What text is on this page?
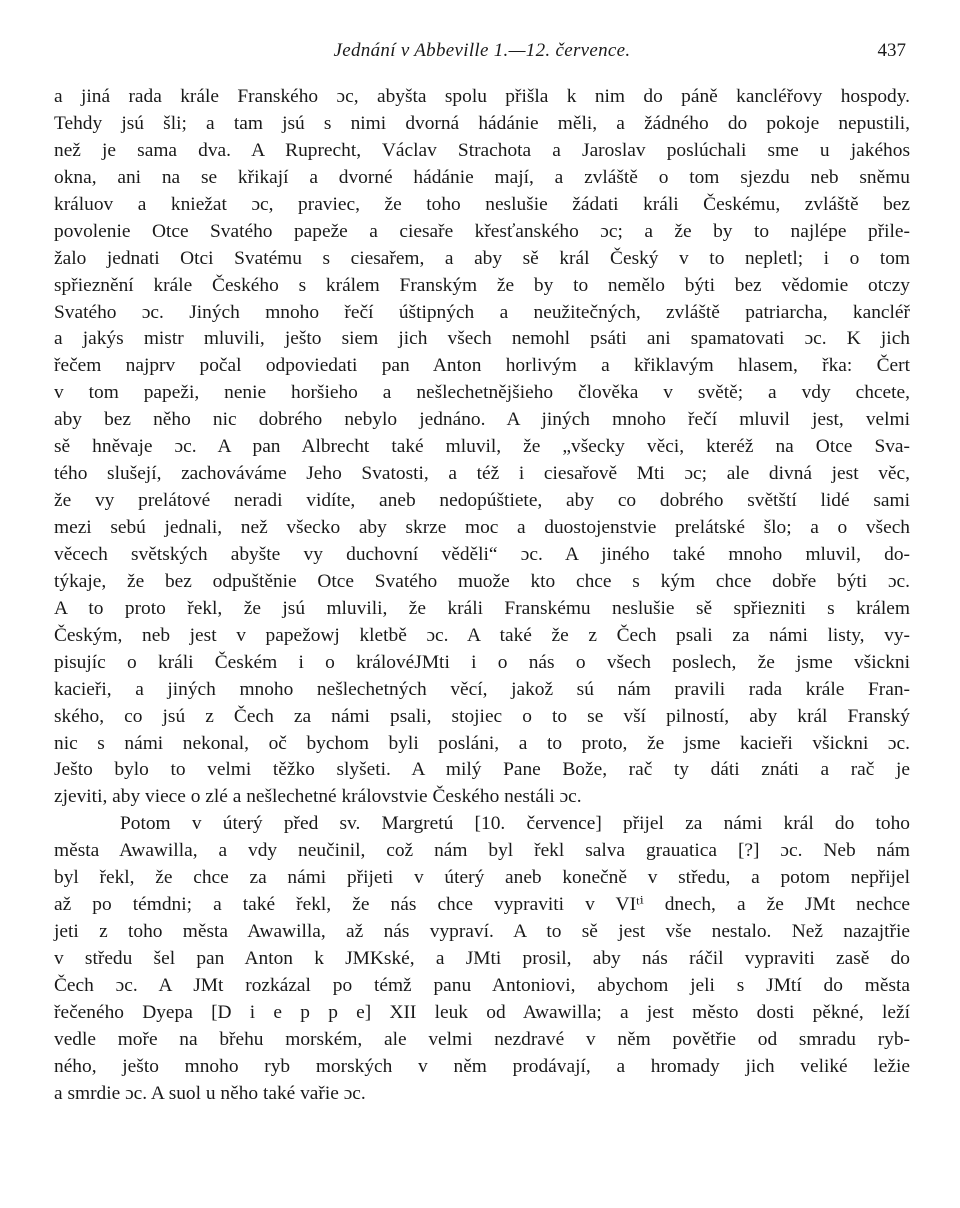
Jednání v Abbeville 1.—12. července.	437
a jiná rada krále Franského ɔc, abyšta spolu přišla k nim do páně kancléřovy hospody.
Tehdy jsú šli; a tam jsú s nimi dvorná hádánie měli, a žádného do pokoje nepustili,
než je sama dva. A Ruprecht, Václav Strachota a Jaroslav poslúchali sme u jakéhos
okna, ani na se křikají a dvorné hádánie mají, a zvláště o tom sjezdu neb sněmu
králuov a kniežat ɔc, praviec, že toho neslušie žádati králi Českému, zvláště bez
povolenie Otce Svatého papeže a ciesaře křesťanského ɔc; a že by to najlépe přile-
žalo jednati Otci Svatému s ciesařem, a aby sě král Český v to nepletl; i o tom
spřieznění krále Českého s králem Franským že by to nemělo býti bez vědomie otczy
Svatého ɔc. Jiných mnoho řečí úštipných a neužitečných, zvláště patriarcha, kancléř
a jakýs mistr mluvili, ješto siem jich všech nemohl psáti ani spamatovati ɔc. K jich
řečem najprv počal odpoviedati pan Anton horlivým a křiklavým hlasem, řka: Čert
v tom papeži, nenie horšieho a nešlechetnějšieho člověka v světě; a vdy chcete,
aby bez něho nic dobrého nebylo jednáno. A jiných mnoho řečí mluvil jest, velmi
sě hněvaje ɔc. A pan Albrecht také mluvil, že „všecky věci, kteréž na Otce Sva-
tého slušejí, zachováváme Jeho Svatosti, a též i ciesařově Mti ɔc; ale divná jest věc,
že vy prelátové neradi vidíte, aneb nedopúštiete, aby co dobrého světští lidé sami
mezi sebú jednali, než všecko aby skrze moc a duostojenstvie prelátské šlo; a o všech
věcech světských abyšte vy duchovní věděli“ ɔc. A jiného také mnoho mluvil, do-
týkaje, že bez odpuštěnie Otce Svatého muože kto chce s kým chce dobře býti ɔc.
A to proto řekl, že jsú mluvili, že králi Franskému neslušie sě spřiezniti s králem
Českým, neb jest v papežowj kletbě ɔc. A také že z Čech psali za námi listy, vy-
pisujíc o králi Českém i o královéJMti i o nás o všech poslech, že jsme všickni
kacieři, a jiných mnoho nešlechetných věcí, jakož sú nám pravili rada krále Fran-
ského, co jsú z Čech za námi psali, stojiec o to se vší pilností, aby král Franský
nic s námi nekonal, oč bychom byli posláni, a to proto, že jsme kacieři všickni ɔc.
Ješto bylo to velmi těžko slyšeti. A milý Pane Bože, rač ty dáti znáti a rač je
zjeviti, aby viece o zlé a nešlechetné královstvie Českého nestáli ɔc.
Potom v úterý před sv. Margretú [10. července] přijel za námi král do toho
města Awawilla, a vdy neučinil, což nám byl řekl salva grauatica [?] ɔc. Neb nám
byl řekl, že chce za námi přijeti v úterý aneb konečně v středu, a potom nepřijel
až po témdni; a také řekl, že nás chce vypraviti v VIᵗⁱ dnech, a že JMt nechce
jeti z toho města Awawilla, až nás vypraví. A to sě jest vše nestalo. Než nazajtřie
v středu šel pan Anton k JMKské, a JMti prosil, aby nás ráčil vypraviti zasě do
Čech ɔc. A JMt rozkázal po témž panu Antoniovi, abychom jeli s JMtí do města
řečeného Dyepa [D i e p p e] XII leuk od Awawilla; a jest město dosti pěkné, leží
vedle moře na břehu morském, ale velmi nezdravé v něm povětřie od smradu ryb-
ného, ješto mnoho ryb morských v něm prodávají, a hromady jich veliké ležie
a smrdie ɔc. A suol u něho také vařie ɔc.
